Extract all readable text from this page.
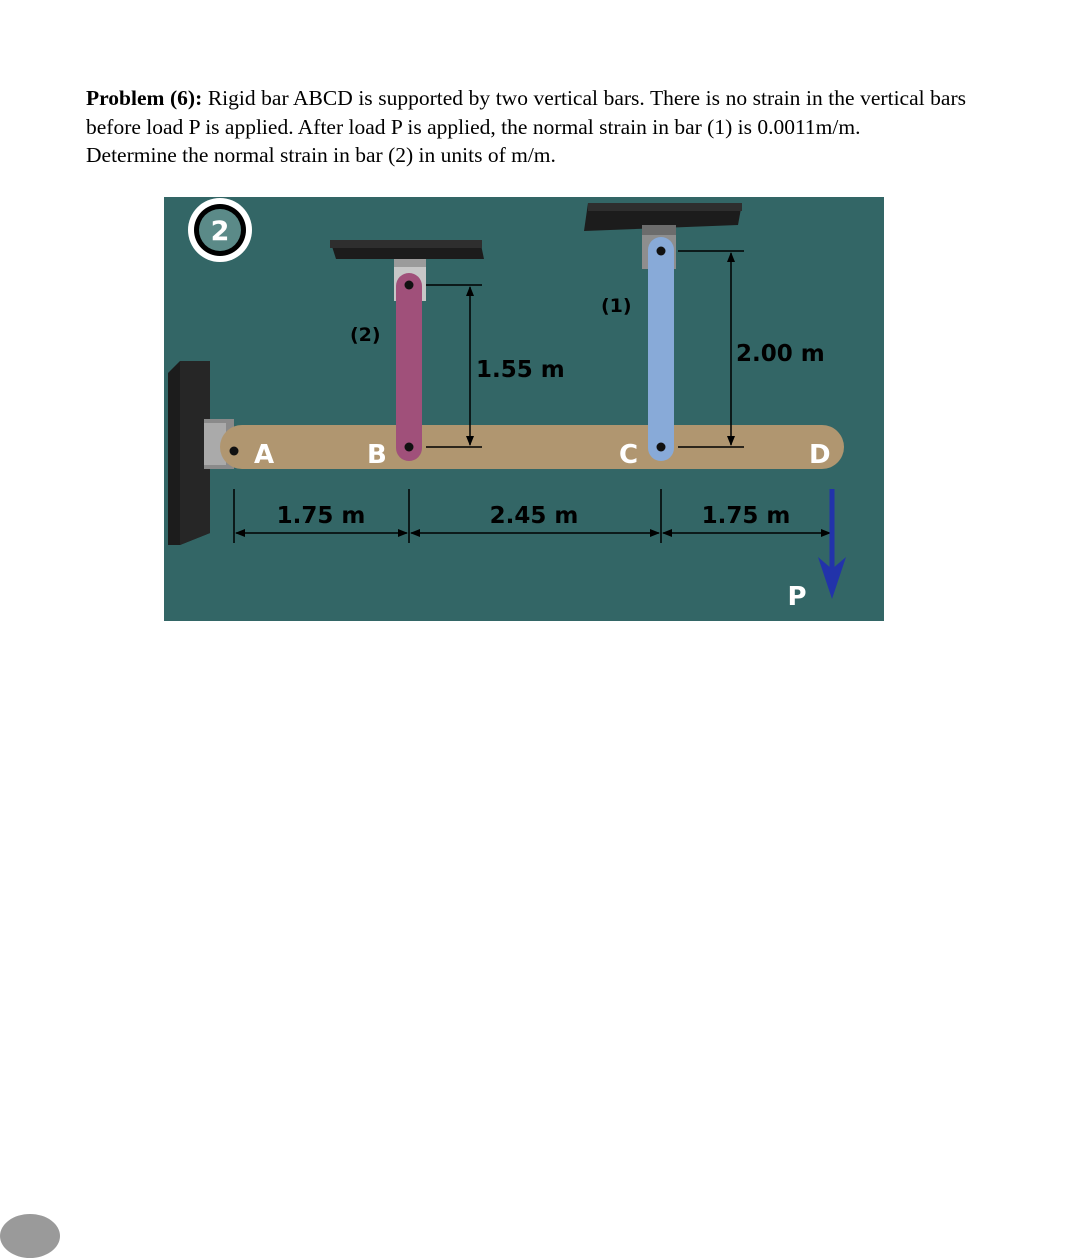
Problem (6): Rigid bar ABCD is supported by two vertical bars. There is no strain in the vertical bars before load P is applied. After load P is applied, the normal strain in bar (1) is 0.0011m/m.
Determine the normal strain in bar (2) in units of m/m.
2
A	B	C	D
(2)
(1)
1.55 m
2.00 m
1.75 m	2.45 m	1.75 m
P
